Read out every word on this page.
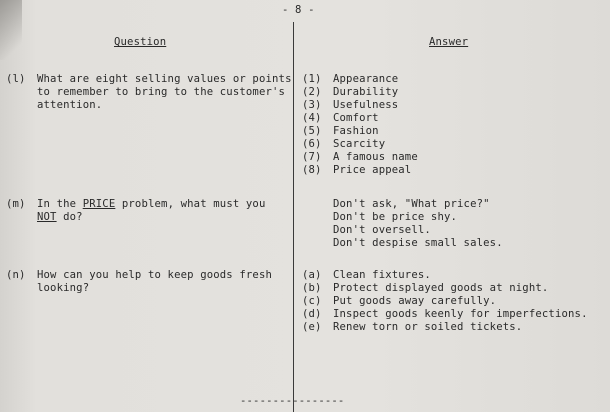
- 8 -
Question	Answer
(l) What are eight selling values or points
to remember to bring to the customer's
attention.
(1) Appearance
(2) Durability
(3) Usefulness
(4) Comfort
(5) Fashion
(6) Scarcity
(7) A famous name
(8) Price appeal
(m) In the PRICE problem, what must you
NOT do?
Don't ask, "What price?"
Don't be price shy.
Don't oversell.
Don't despise small sales.
(n) How can you help to keep goods fresh
looking?
(a) Clean fixtures.
(b) Protect displayed goods at night.
(c) Put goods away carefully.
(d) Inspect goods keenly for imperfections.
(e) Renew torn or soiled tickets.
----------------
